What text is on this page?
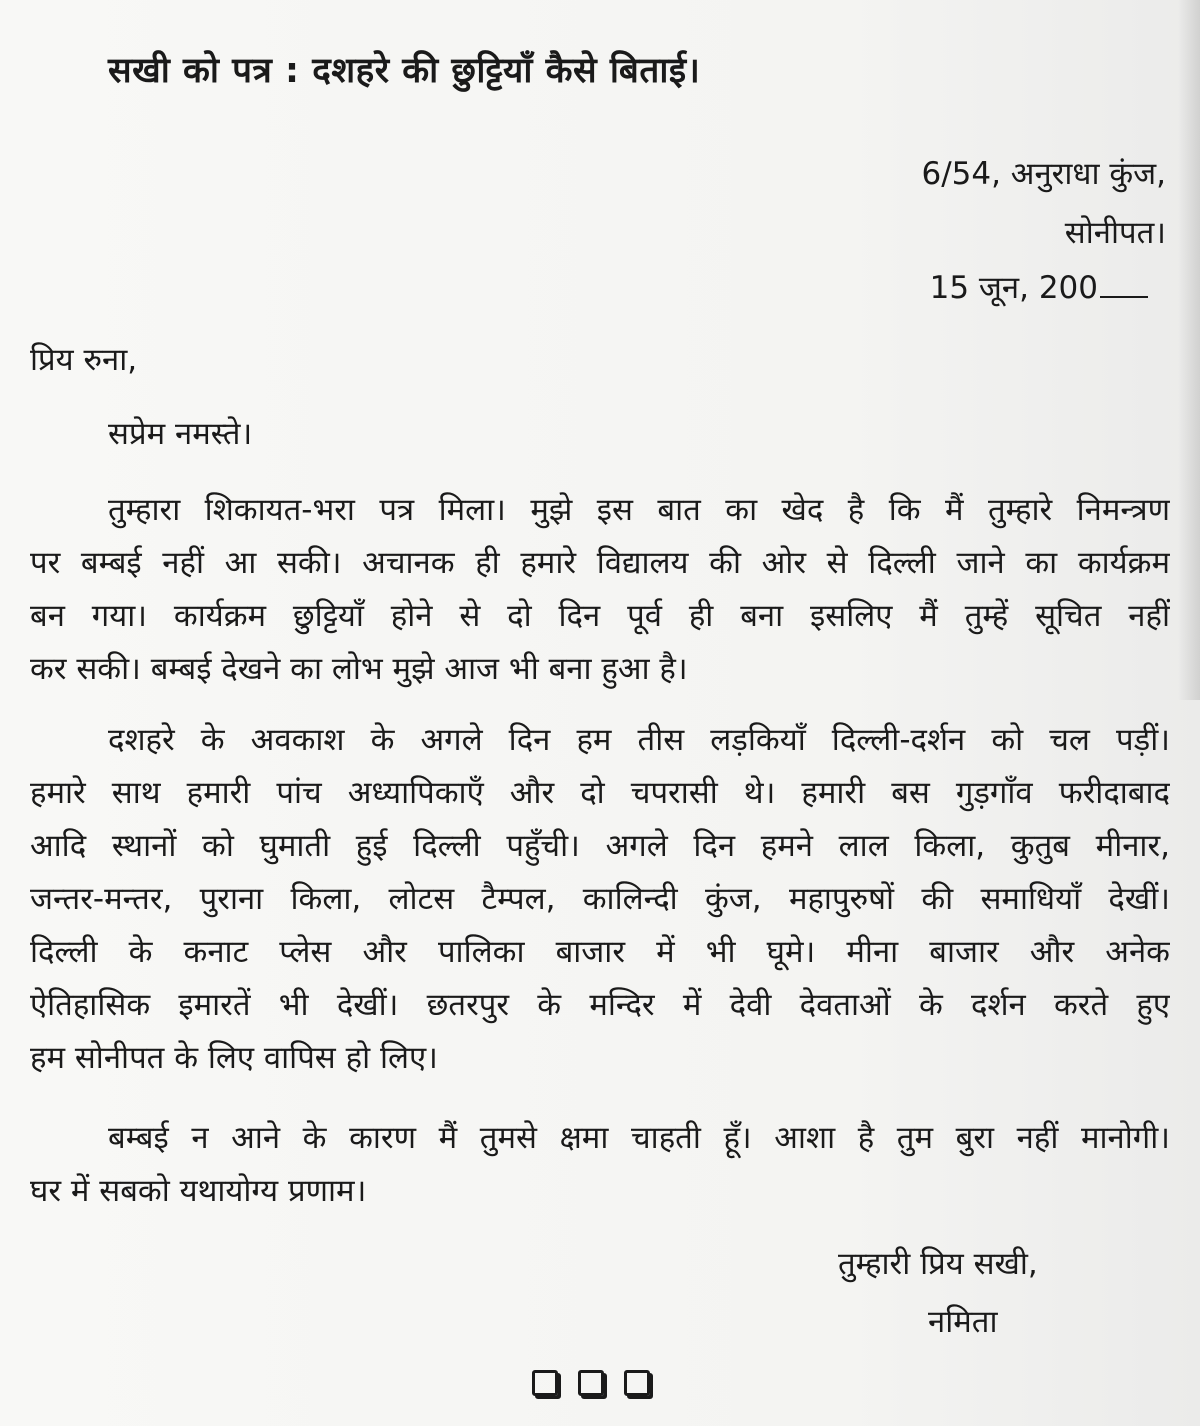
सखी को पत्र : दशहरे की छुट्टियाँ कैसे बिताई।
6/54, अनुराधा कुंज,
सोनीपत।
15 जून, 200
प्रिय रुना,
सप्रेम नमस्ते।
तुम्हारा शिकायत-भरा पत्र मिला। मुझे इस बात का खेद है कि मैं तुम्हारे निमन्त्रण
पर बम्बई नहीं आ सकी। अचानक ही हमारे विद्यालय की ओर से दिल्ली जाने का कार्यक्रम
बन गया। कार्यक्रम छुट्टियाँ होने से दो दिन पूर्व ही बना इसलिए मैं तुम्हें सूचित नहीं
कर सकी। बम्बई देखने का लोभ मुझे आज भी बना हुआ है।
दशहरे के अवकाश के अगले दिन हम तीस लड़कियाँ दिल्ली-दर्शन को चल पड़ीं।
हमारे साथ हमारी पांच अध्यापिकाएँ और दो चपरासी थे। हमारी बस गुड़गाँव फरीदाबाद
आदि स्थानों को घुमाती हुई दिल्ली पहुँची। अगले दिन हमने लाल किला, कुतुब मीनार,
जन्तर-मन्तर, पुराना किला, लोटस टैम्पल, कालिन्दी कुंज, महापुरुषों की समाधियाँ देखीं।
दिल्ली के कनाट प्लेस और पालिका बाजार में भी घूमे। मीना बाजार और अनेक
ऐतिहासिक इमारतें भी देखीं। छतरपुर के मन्दिर में देवी देवताओं के दर्शन करते हुए
हम सोनीपत के लिए वापिस हो लिए।
बम्बई न आने के कारण मैं तुमसे क्षमा चाहती हूँ। आशा है तुम बुरा नहीं मानोगी।
घर में सबको यथायोग्य प्रणाम।
तुम्हारी प्रिय सखी,
नमिता
